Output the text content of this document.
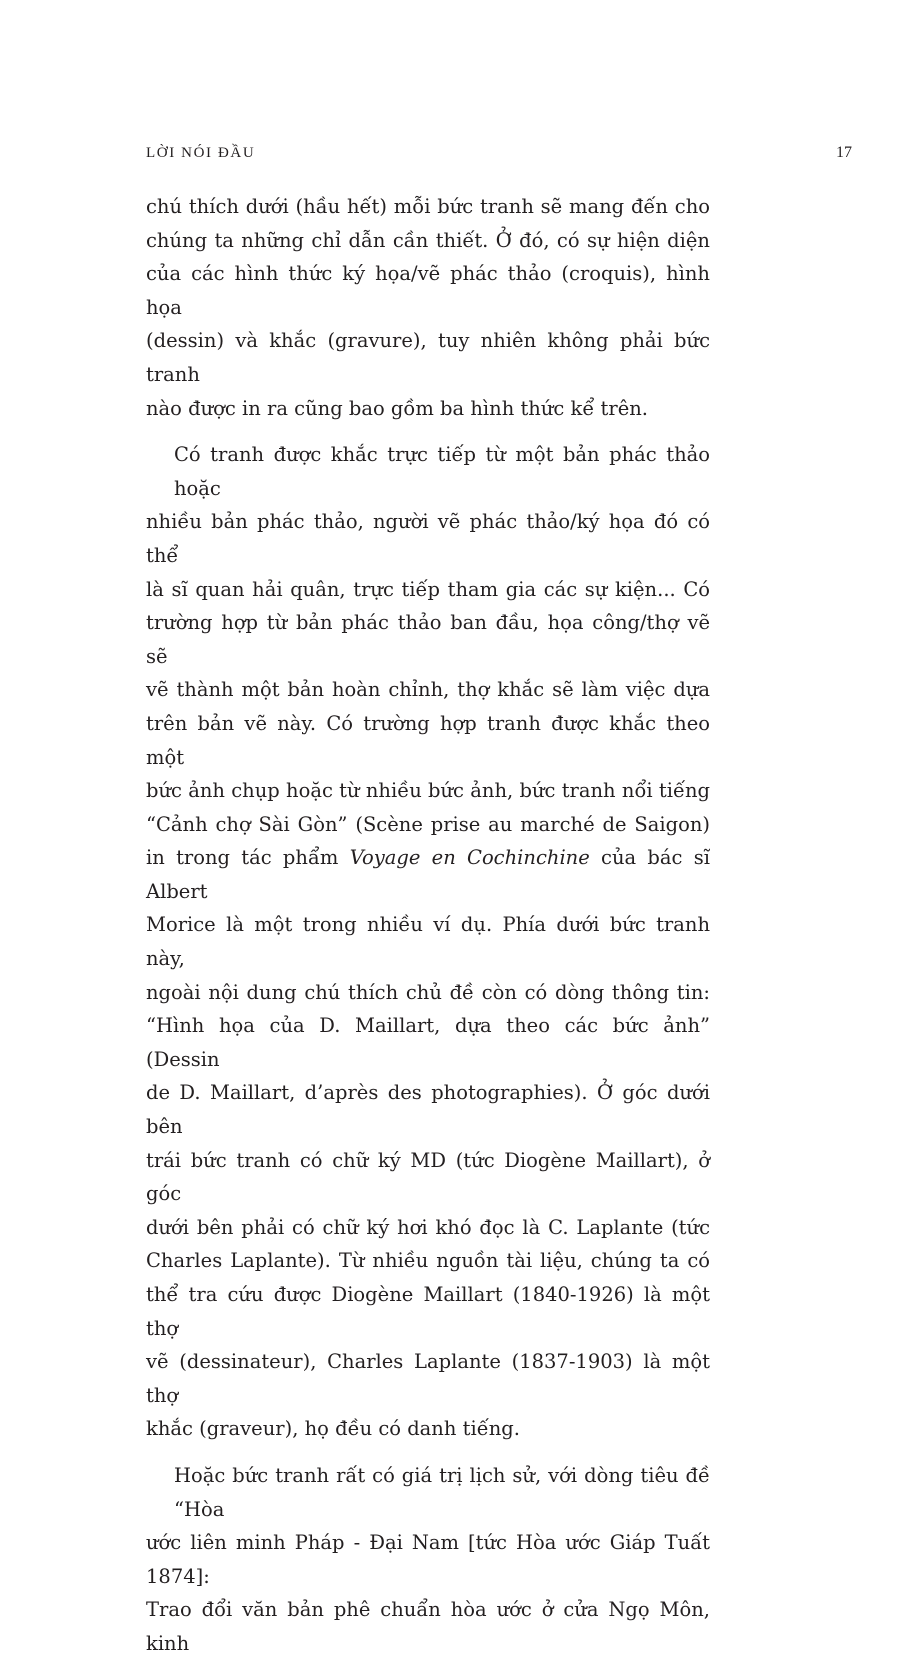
LỜI NÓI ĐẦU	17

chú thích dưới (hầu hết) mỗi bức tranh sẽ mang đến cho
chúng ta những chỉ dẫn cần thiết. Ở đó, có sự hiện diện
của các hình thức ký họa/vẽ phác thảo (croquis), hình họa
(dessin) và khắc (gravure), tuy nhiên không phải bức tranh
nào được in ra cũng bao gồm ba hình thức kể trên.

Có tranh được khắc trực tiếp từ một bản phác thảo hoặc
nhiều bản phác thảo, người vẽ phác thảo/ký họa đó có thể
là sĩ quan hải quân, trực tiếp tham gia các sự kiện... Có
trường hợp từ bản phác thảo ban đầu, họa công/thợ vẽ sẽ
vẽ thành một bản hoàn chỉnh, thợ khắc sẽ làm việc dựa
trên bản vẽ này. Có trường hợp tranh được khắc theo một
bức ảnh chụp hoặc từ nhiều bức ảnh, bức tranh nổi tiếng
“Cảnh chợ Sài Gòn” (Scène prise au marché de Saigon)
in trong tác phẩm Voyage en Cochinchine của bác sĩ Albert
Morice là một trong nhiều ví dụ. Phía dưới bức tranh này,
ngoài nội dung chú thích chủ đề còn có dòng thông tin:
“Hình họa của D. Maillart, dựa theo các bức ảnh” (Dessin
de D. Maillart, d’après des photographies). Ở góc dưới bên
trái bức tranh có chữ ký MD (tức Diogène Maillart), ở góc
dưới bên phải có chữ ký hơi khó đọc là C. Laplante (tức
Charles Laplante). Từ nhiều nguồn tài liệu, chúng ta có
thể tra cứu được Diogène Maillart (1840-1926) là một thợ
vẽ (dessinateur), Charles Laplante (1837-1903) là một thợ
khắc (graveur), họ đều có danh tiếng.

Hoặc bức tranh rất có giá trị lịch sử, với dòng tiêu đề “Hòa
ước liên minh Pháp - Đại Nam [tức Hòa ước Giáp Tuất 1874]:
Trao đổi văn bản phê chuẩn hòa ước ở cửa Ngọ Môn, kinh
